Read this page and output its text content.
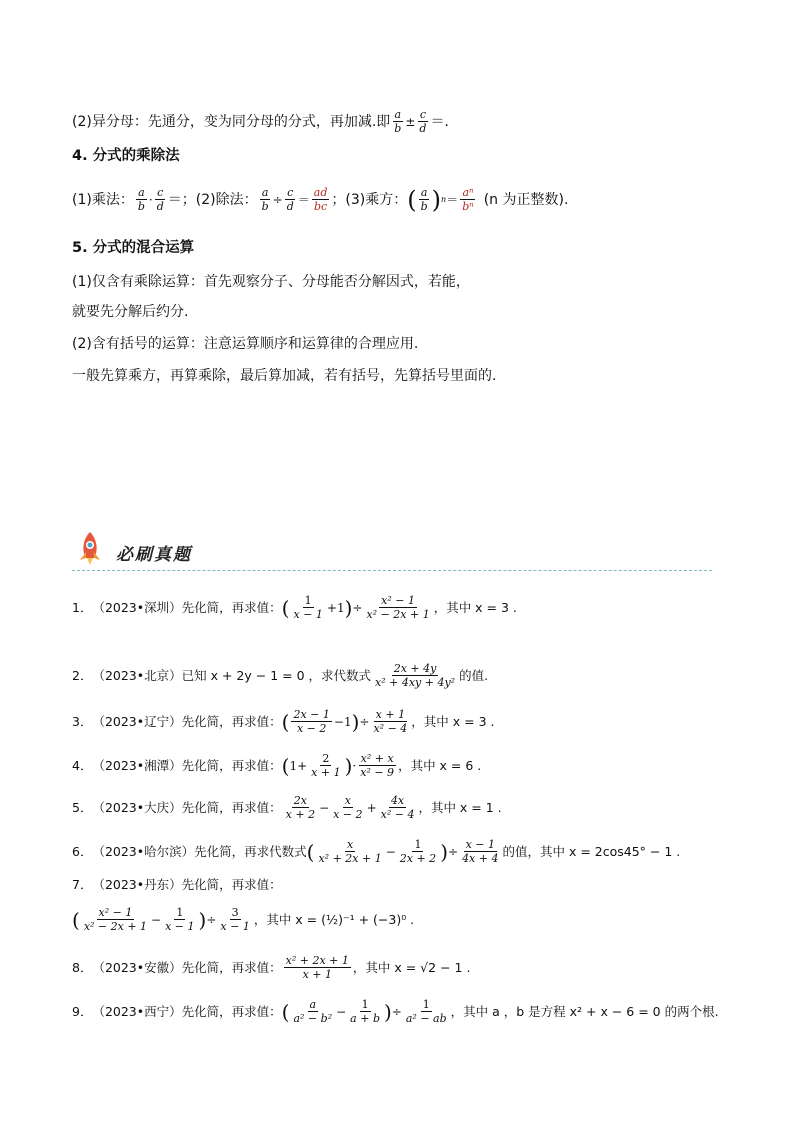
(2)异分母：先通分，变为同分母的分式，再加减.即 $\frac{a}{b} \pm \frac{c}{d}$ ＝.
4. 分式的乘除法
(1)乘法： $\frac{a}{b} \cdot \frac{c}{d}$ ＝； (2)除法： $\frac{a}{b} \div \frac{c}{d} = \frac{ad}{bc}$ ； (3)乘方： ( $\frac{a}{b}$ ) $n = \frac{\text{aⁿ}}{\text{bⁿ}} (n$ 为正整数).
5. 分式的混合运算
(1)仅含有乘除运算：首先观察分子、分母能否分解因式，若能，
就要先分解后约分.
(2)含有括号的运算：注意运算顺序和运算律的合理应用.
一般先算乘方，再算乘除，最后算加减，若有括号，先算括号里面的.
必刷真题
1． （2023•深圳） 先化简，再求值： ( $\frac{1}{x - 1} +1$ ) ÷ $\frac{\text{x² − 1}}{\text{x² − 2x + 1}}$ ，其中 x = 3 .
2． （2023•北京） 已知 x + 2y − 1 = 0 ，求代数式 $\frac{2x + 4y}{\text{x² + 4xy + 4y²}}$ 的值.
3． （2023•辽宁） 先化简，再求值： ( $\frac{2x - 1}{x - 2} -1$ ) ÷ $\frac{x + 1}{\text{x² − 4}}$ ，其中 x = 3 .
4． （2023•湘潭） 先化简，再求值： ( $1+ \frac{2}{x + 1}$ ) · $\frac{\text{x² + x}}{\text{x² − 9}}$ ，其中 x = 6 .
5． （2023•大庆） 先化简，再求值： $\frac{2x}{x + 2} - \frac{x}{x - 2} + \frac{4x}{\text{x² − 4}}$ ，其中 x = 1 .
6． （2023•哈尔滨） 先化简，再求代数式 ( $\frac{x}{\text{x² + 2x + 1}} - \frac{1}{2x + 2}$ ) ÷ $\frac{x - 1}{4x + 4}$ 的值，其中 x = 2cos45° − 1 .
7． （2023•丹东） 先化简，再求值：
( $\frac{\text{x² − 1}}{\text{x² − 2x + 1}} - \frac{1}{x - 1}$ ) ÷ $\frac{3}{x - 1}$ ，其中 x = (½)⁻¹ + (−3)⁰ .
8． （2023•安徽） 先化简，再求值： $\frac{\text{x² + 2x + 1}}{x + 1}$ ，其中 x = √2 − 1 .
9． （2023•西宁） 先化简，再求值： ( $\frac{a}{\text{a² − b²}} - \frac{1}{a + b}$ ) ÷ $\frac{1}{\text{a² − ab}}$ ，其中 a ，b 是方程 x² + x − 6 = 0 的两个根.
